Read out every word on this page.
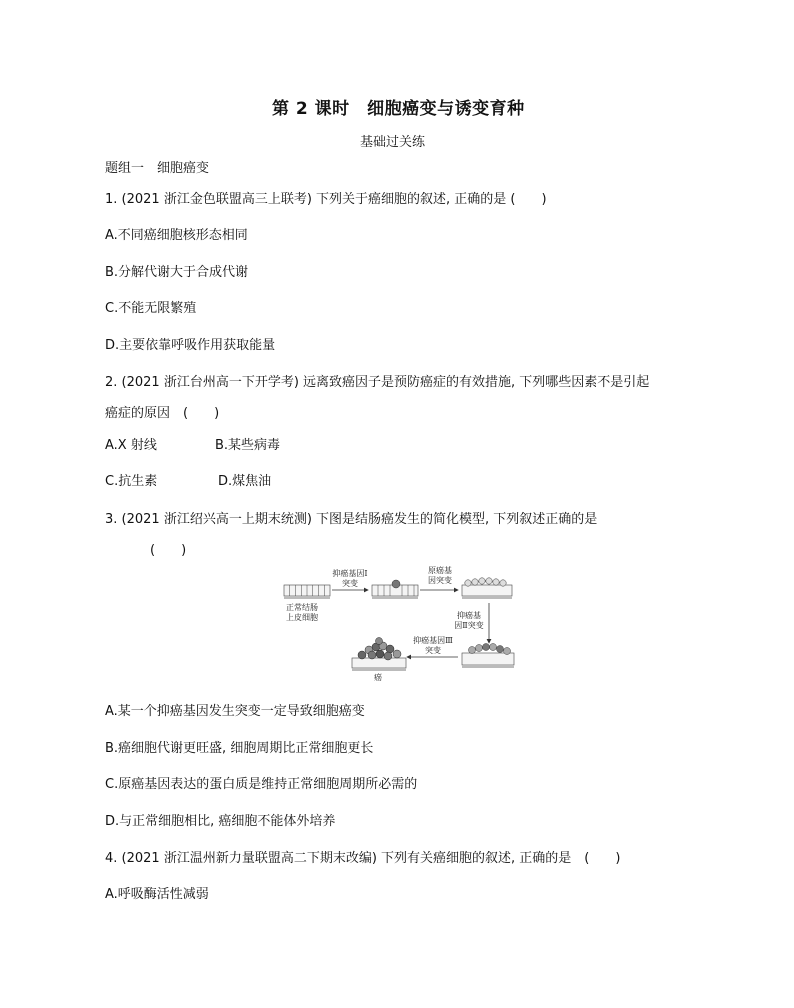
第 2 课时　细胞癌变与诱变育种
基础过关练
题组一　细胞癌变
1. (2021 浙江金色联盟高三上联考) 下列关于癌细胞的叙述, 正确的是 (　　)
A.不同癌细胞核形态相同
B.分解代谢大于合成代谢
C.不能无限繁殖
D.主要依靠呼吸作用获取能量
2. (2021 浙江台州高一下开学考) 远离致癌因子是预防癌症的有效措施, 下列哪些因素不是引起
癌症的原因　(　　)
A.X 射线	B.某些病毒
C.抗生素	D.煤焦油
3. (2021 浙江绍兴高一上期末统测) 下图是结肠癌发生的简化模型, 下列叙述正确的是
(　　)
正常结肠
上皮细胞
抑癌基因Ⅰ
突变
原癌基
因突变
抑癌基
因Ⅱ突变
抑癌基因Ⅲ
突变
癌
A.某一个抑癌基因发生突变一定导致细胞癌变
B.癌细胞代谢更旺盛, 细胞周期比正常细胞更长
C.原癌基因表达的蛋白质是维持正常细胞周期所必需的
D.与正常细胞相比, 癌细胞不能体外培养
4. (2021 浙江温州新力量联盟高二下期末改编) 下列有关癌细胞的叙述, 正确的是　(　　)
A.呼吸酶活性减弱
